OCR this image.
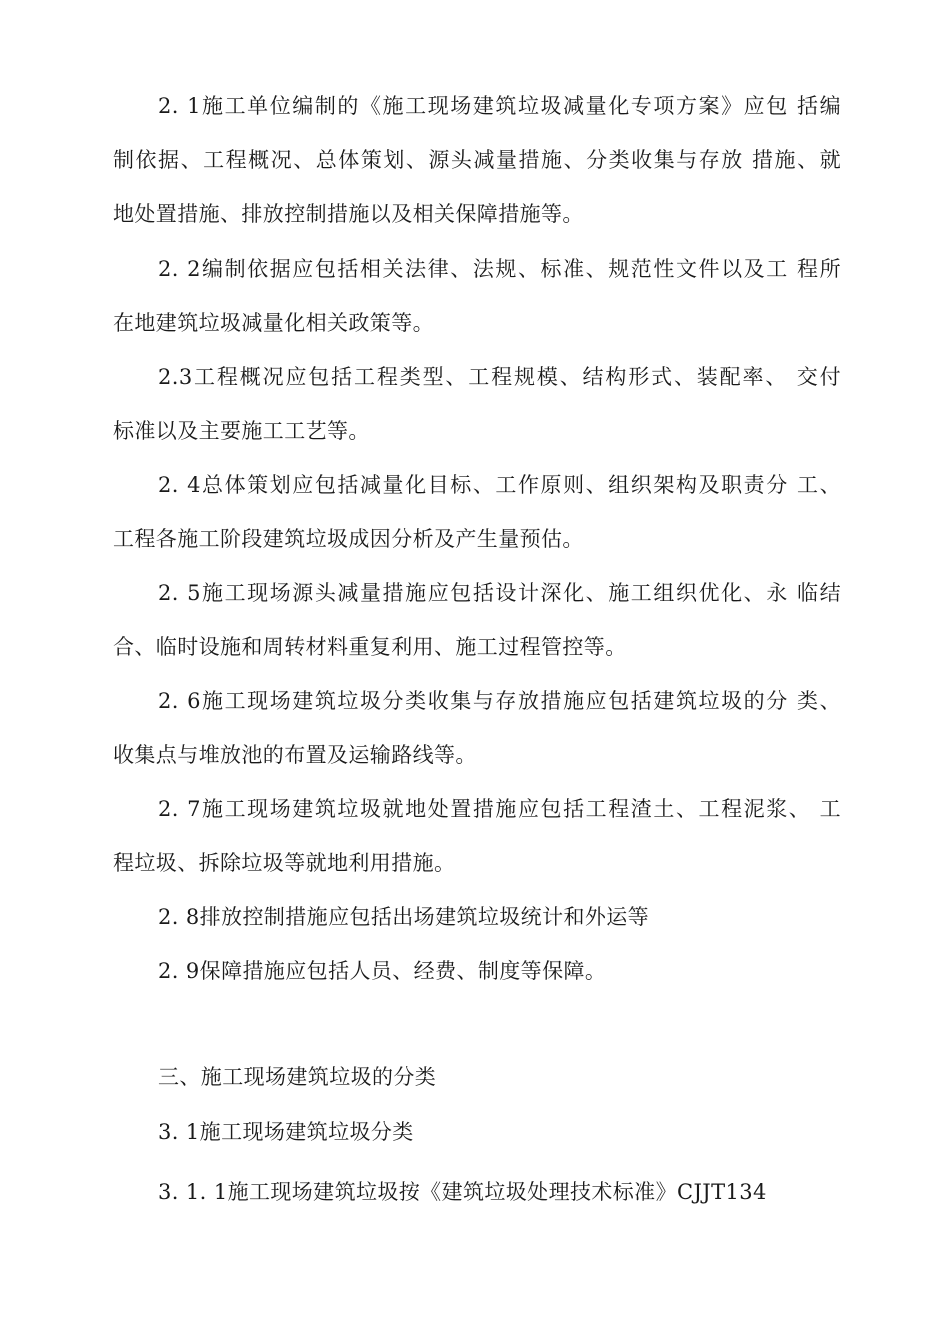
2. 1施工单位编制的《施工现场建筑垃圾减量化专项方案》应包 括编
制依据、工程概况、总体策划、源头减量措施、分类收集与存放 措施、就
地处置措施、排放控制措施以及相关保障措施等。
2. 2编制依据应包括相关法律、法规、标准、规范性文件以及工 程所
在地建筑垃圾减量化相关政策等。
2.3工程概况应包括工程类型、工程规模、结构形式、装配率、 交付
标准以及主要施工工艺等。
2. 4总体策划应包括减量化目标、工作原则、组织架构及职责分 工、
工程各施工阶段建筑垃圾成因分析及产生量预估。
2. 5施工现场源头减量措施应包括设计深化、施工组织优化、永 临结
合、临时设施和周转材料重复利用、施工过程管控等。
2. 6施工现场建筑垃圾分类收集与存放措施应包括建筑垃圾的分 类、
收集点与堆放池的布置及运输路线等。
2. 7施工现场建筑垃圾就地处置措施应包括工程渣土、工程泥浆、 工
程垃圾、拆除垃圾等就地利用措施。
2. 8排放控制措施应包括出场建筑垃圾统计和外运等
2. 9保障措施应包括人员、经费、制度等保障。
三、施工现场建筑垃圾的分类
3. 1施工现场建筑垃圾分类
3. 1. 1施工现场建筑垃圾按《建筑垃圾处理技术标准》CJJT134
